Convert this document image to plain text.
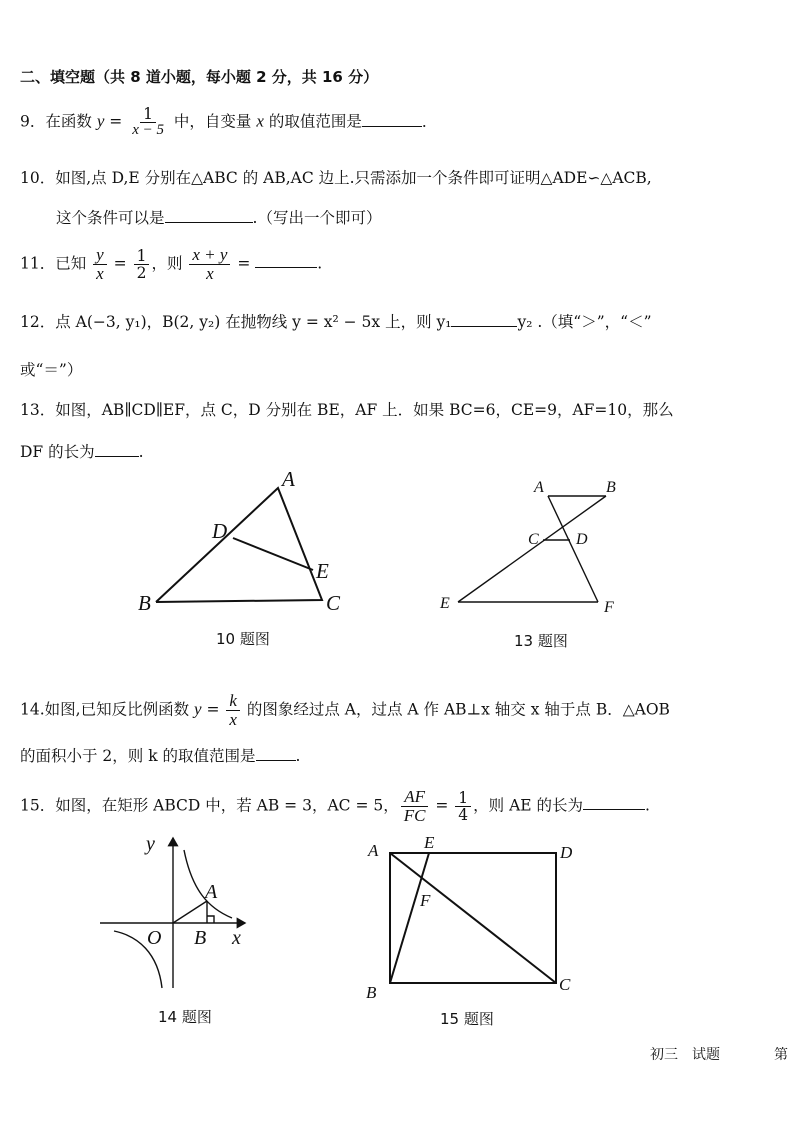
二、填空题（共 8 道小题，每小题 2 分，共 16 分）
9．在函数 $y = \frac{1}{x - 5}$ 中，自变量 x 的取值范围是	．
10．如图,点 D,E 分别在△ABC 的 AB,AC 边上.只需添加一个条件即可证明△ADE∽△ACB,
这个条件可以是	.（写出一个即可）
11．已知 $\frac{y}{x} = \frac{1}{2}$ ，则 $\frac{x + y}{x}$ =	.
12．点 A(−3, y₁)，B(2, y₂) 在抛物线 y = x² − 5x 上，则 y₁	y₂ .（填“＞”，“＜”
或“＝”）
13．如图，AB∥CD∥EF，点 C，D 分别在 BE，AF 上．如果 BC=6，CE=9，AF=10，那么
DF 的长为	.
A
B	C
D
E
10 题图
A	B
C D
E	F
13 题图
14.如图,已知反比例函数 $y = \frac{k}{x}$ 的图象经过点 A，过点 A 作 AB⊥x 轴交 x 轴于点 B．△AOB
的面积小于 2，则 k 的取值范围是	.
15．如图，在矩形 ABCD 中，若 AB = 3，AC = 5， $\frac{AF}{FC} = \frac{1}{4}$ ，则 AE 的长为	.
y
x
O
A
B
14 题图
A	D
B	C
E
F
15 题图
初三　试题	第
